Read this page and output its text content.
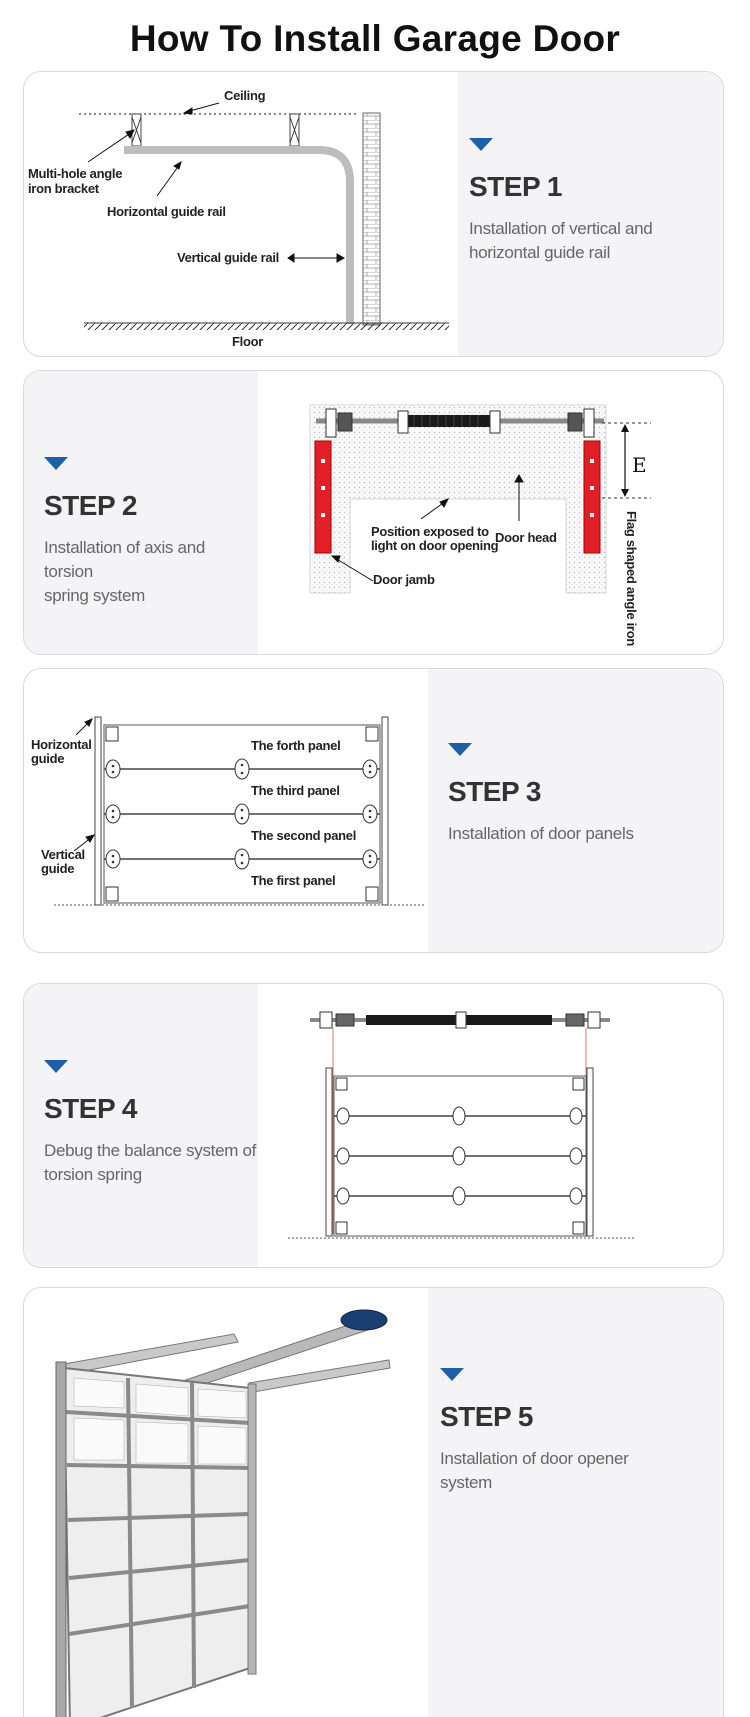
How To Install Garage Door
Ceiling
Multi-hole angle
iron bracket
Horizontal guide rail
Vertical guide rail
Floor
STEP 1
Installation of vertical and
horizontal guide rail
STEP 2
Installation of axis and torsion
spring system
E
Position exposed to
light on door opening
Door head
Door jamb	Flag shaped angle iron
Horizontal
guide
Vertical
guide
The forth panel
The third panel
The second panel
The first panel
STEP 3
Installation of door panels
STEP 4
Debug the balance system of
torsion spring
STEP 5
Installation of door opener
system
